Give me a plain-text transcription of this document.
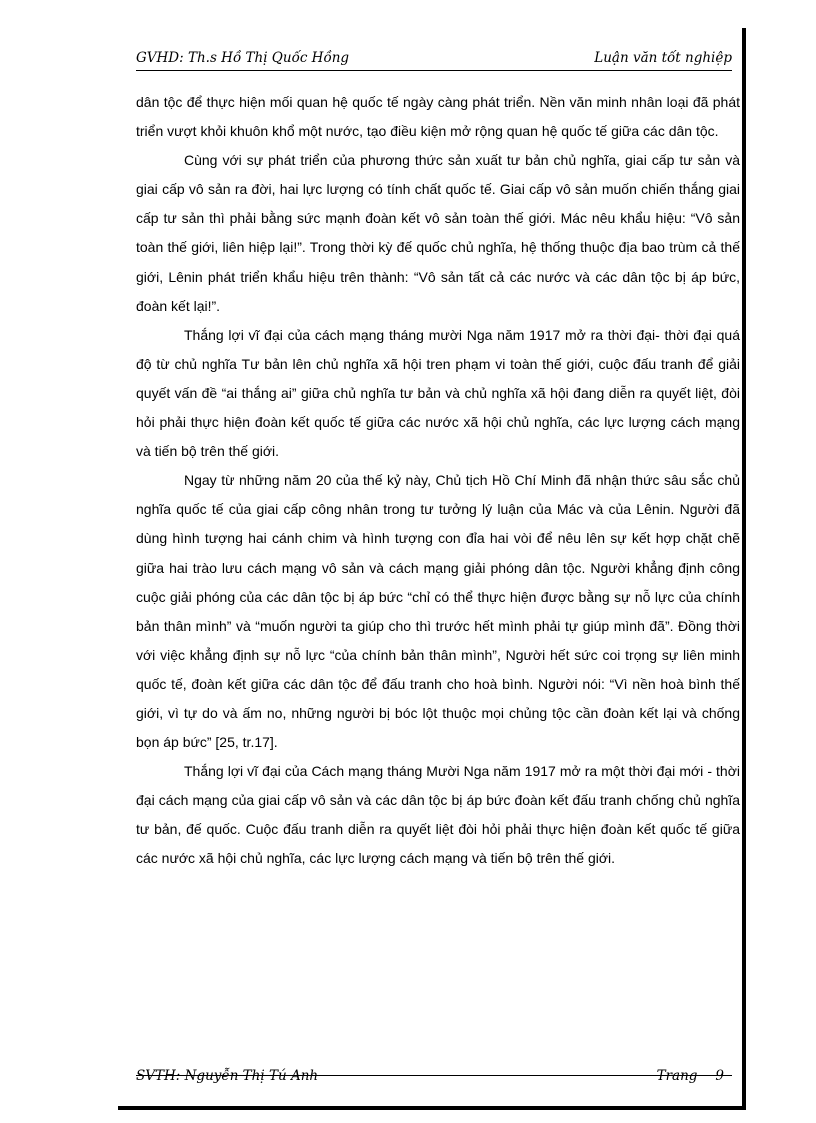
GVHD: Th.s Hồ Thị Quốc Hồng	Luận văn tốt nghiệp

dân tộc để thực hiện mối quan hệ quốc tế ngày càng phát triển. Nền văn minh nhân loại đã phát triển vượt khỏi khuôn khổ một nước, tạo điều kiện mở rộng quan hệ quốc tế giữa các dân tộc.

Cùng với sự phát triển của phương thức sản xuất tư bản chủ nghĩa, giai cấp tư sản và giai cấp vô sản ra đời, hai lực lượng có tính chất quốc tế. Giai cấp vô sản muốn chiến thắng giai cấp tư sản thì phải bằng sức mạnh đoàn kết vô sản toàn thế giới. Mác nêu khẩu hiệu: “Vô sản toàn thế giới, liên hiệp lại!”. Trong thời kỳ đế quốc chủ nghĩa, hệ thống thuộc địa bao trùm cả thế giới, Lênin phát triển khẩu hiệu trên thành: “Vô sản tất cả các nước và các dân tộc bị áp bức, đoàn kết lại!”.

Thắng lợi vĩ đại của cách mạng tháng mười Nga năm 1917 mở ra thời đại- thời đại quá độ từ chủ nghĩa Tư bản lên chủ nghĩa xã hội tren phạm vi toàn thế giới, cuộc đấu tranh để giải quyết vấn đề “ai thắng ai” giữa chủ nghĩa tư bản và chủ nghĩa xã hội đang diễn ra quyết liệt, đòi hỏi phải thực hiện đoàn kết quốc tế giữa các nước xã hội chủ nghĩa, các lực lượng cách mạng và tiến bộ trên thế giới.

Ngay từ những năm 20 của thế kỷ này, Chủ tịch Hồ Chí Minh đã nhận thức sâu sắc chủ nghĩa quốc tế của giai cấp công nhân trong tư tưởng lý luận của Mác và của Lênin. Người đã dùng hình tượng hai cánh chim và hình tượng con đỉa hai vòi để nêu lên sự kết hợp chặt chẽ giữa hai trào lưu cách mạng vô sản và cách mạng giải phóng dân tộc. Người khẳng định công cuộc giải phóng của các dân tộc bị áp bức “chỉ có thể thực hiện được bằng sự nỗ lực của chính bản thân mình” và “muốn người ta giúp cho thì trước hết mình phải tự giúp mình đã”. Đồng thời với việc khẳng định sự nỗ lực “của chính bản thân mình”, Người hết sức coi trọng sự liên minh quốc tế, đoàn kết giữa các dân tộc để đấu tranh cho hoà bình. Người nói: “Vì nền hoà bình thế giới, vì tự do và ấm no, những người bị bóc lột thuộc mọi chủng tộc cần đoàn kết lại và chống bọn áp bức” [25, tr.17].

Thắng lợi vĩ đại của Cách mạng tháng Mười Nga năm 1917 mở ra một thời đại mới - thời đại cách mạng của giai cấp vô sản và các dân tộc bị áp bức đoàn kết đấu tranh chống chủ nghĩa tư bản, đế quốc. Cuộc đấu tranh diễn ra quyết liệt đòi hỏi phải thực hiện đoàn kết quốc tế giữa các nước xã hội chủ nghĩa, các lực lượng cách mạng và tiến bộ trên thế giới.

SVTH: Nguyễn Thị Tú Anh	Trang 9
